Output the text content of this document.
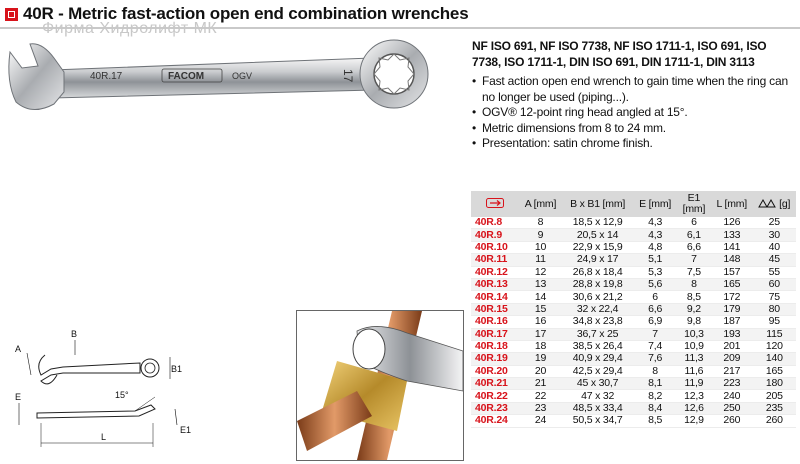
40R - Metric fast-action open end combination wrenches
40R.17	FACOM	OGV	17
Фирма Хидролифт МК
NF ISO 691, NF ISO 7738, NF ISO 1711-1, ISO 691, ISO 7738, ISO 1711-1, DIN ISO 691, DIN 1711-1, DIN 3113
• Fast action open end wrench to gain time when the ring can no longer be used (piping...).
• OGV® 12-point ring head angled at 15°.
• Metric dimensions from 8 to 24 mm.
• Presentation: satin chrome finish.
	A [mm]	B x B1 [mm]	E [mm]	E1 [mm]	L [mm]	[g]
40R.8	8	18,5 x 12,9	4,3	6	126	25
40R.9	9	20,5 x 14	4,3	6,1	133	30
40R.10	10	22,9 x 15,9	4,8	6,6	141	40
40R.11	11	24,9 x 17	5,1	7	148	45
40R.12	12	26,8 x 18,4	5,3	7,5	157	55
40R.13	13	28,8 x 19,8	5,6	8	165	60
40R.14	14	30,6 x 21,2	6	8,5	172	75
40R.15	15	32 x 22,4	6,6	9,2	179	80
40R.16	16	34,8 x 23,8	6,9	9,8	187	95
40R.17	17	36,7 x 25	7	10,3	193	115
40R.18	18	38,5 x 26,4	7,4	10,9	201	120
40R.19	19	40,9 x 29,4	7,6	11,3	209	140
40R.20	20	42,5 x 29,4	8	11,6	217	165
40R.21	21	45 x 30,7	8,1	11,9	223	180
40R.22	22	47 x 32	8,2	12,3	240	205
40R.23	23	48,5 x 33,4	8,4	12,6	250	235
40R.24	24	50,5 x 34,7	8,5	12,9	260	260
B
A
B1
15°
E
E1
L
